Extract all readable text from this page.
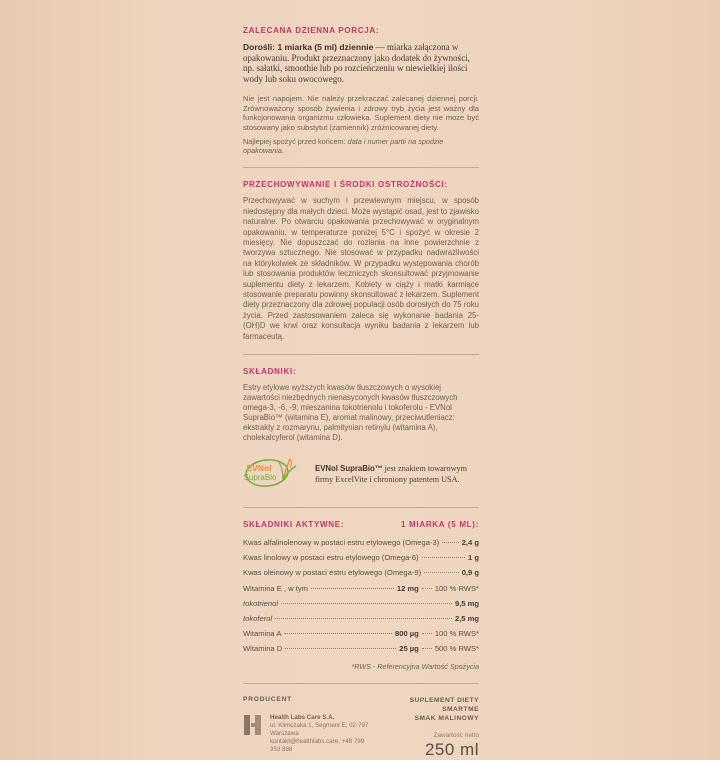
ZALECANA DZIENNA PORCJA:

Dorośli: 1 miarka (5 ml) dziennie — miarka załączona w opakowaniu. Produkt przeznaczony jako dodatek do żywności, np. sałatki, smoothie lub po rozcieńczeniu w niewielkiej ilości wody lub soku owocowego.

Nie jest napojem. Nie należy przekraczać zalecanej dziennej porcji. Zrównoważony sposób żywienia i zdrowy tryb życia jest ważny dla funkcjonowania organizmu człowieka. Suplement diety nie może być stosowany jako substytut (zamiennik) zróżnicowanej diety.

Najlepiej spożyć przed końcem: data i numer partii na spodzie opakowania.

PRZECHOWYWANIE I ŚRODKI OSTROŻNOŚCI:

Przechowywać w suchym i przewiewnym miejscu, w sposób niedostępny dla małych dzieci. Może wystąpić osad, jest to zjawisko naturalne. Po otwarciu opakowania przechowywać w oryginalnym opakowaniu, w temperaturze poniżej 5°C i spożyć w okresie 2 miesięcy. Nie dopuszczać do rozlania na inne powierzchnie z tworzywa sztucznego. Nie stosować w przypadku nadwrażliwości na którykolwiek ze składników. W przypadku występowania chorób lub stosowania produktów leczniczych skonsultować przyjmowanie suplementu diety z lekarzem. Kobiety w ciąży i matki karmiące stosowanie preparatu powinny skonsultować z lekarzem. Suplement diety przeznaczony dla zdrowej populacji osób dorosłych do 75 roku życia. Przed zastosowaniem zaleca się wykonanie badania 25-(OH)D we krwi oraz konsultacja wyniku badania z lekarzem lub farmaceutą.

SKŁADNIKI:

Estry etylowe wyższych kwasów tłuszczowych o wysokiej zawartości niezbędnych nienasyconych kwasów tłuszczowych omega-3, -6, -9; mieszanina tokotrienolu i tokoferolu - EVNol SupraBio™ (witamina E), aromat malinowy, przeciwutleniacz: ekstrakty z rozmarynu, palmitynian retinylu (witamina A), cholekalcyferol (witamina D).

EVNol
SupraBio
EVNol SupraBio™ jest znakiem towarowym firmy ExcelVite i chroniony patentem USA.
SKŁADNIKI AKTYWNE:	1 MIARKA (5 ML):
Kwas alfalinolenowy w postaci estru etylowego (Omega-3)	2,4 g
Kwas linolowy w postaci estru etylowego (Omega-6)	1 g
Kwas oleinowy w postaci estru etylowego (Omega-9)	0,9 g
Witamina E , w tym	12 mg 100 % RWS*
tokotrienol	9,5 mg
tokoferol	2,5 mg
Witamina A	800 µg 100 % RWS*
Witamina D	25 µg 500 % RWS*
*RWS - Referencyjna Wartość Spożycia
PRODUCENT
Health Labs Care S.A.
ul. Klimczaka 1, Segment E, 02-797 Warszawa
kontakt@healthlabs.care, +48 799 353 888
SUPLEMENT DIETY SMARTME
SMAK MALINOWY
Zawartość netto
250 ml
